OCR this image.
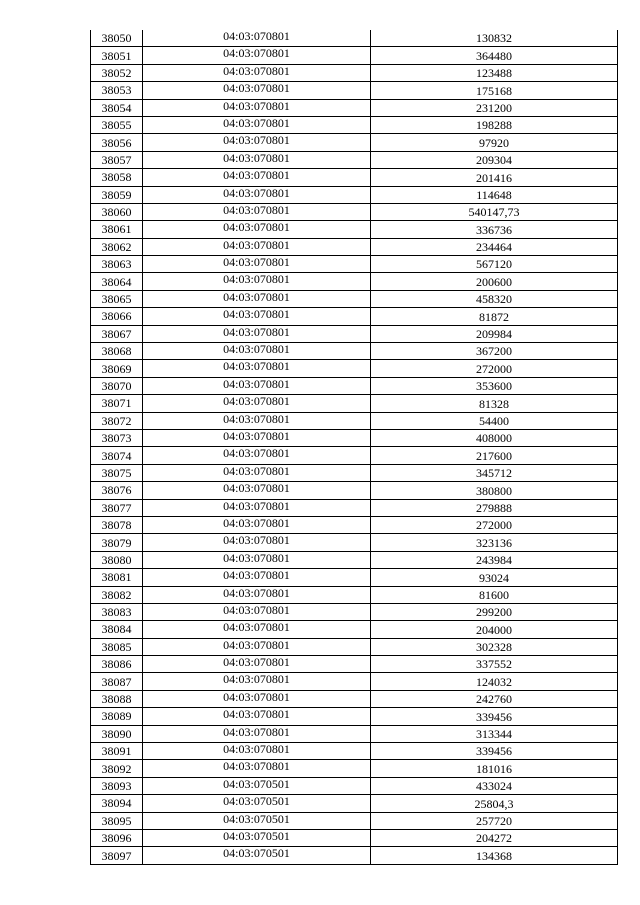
38050	04:03:070801	130832
38051	04:03:070801	364480
38052	04:03:070801	123488
38053	04:03:070801	175168
38054	04:03:070801	231200
38055	04:03:070801	198288
38056	04:03:070801	97920
38057	04:03:070801	209304
38058	04:03:070801	201416
38059	04:03:070801	114648
38060	04:03:070801	540147,73
38061	04:03:070801	336736
38062	04:03:070801	234464
38063	04:03:070801	567120
38064	04:03:070801	200600
38065	04:03:070801	458320
38066	04:03:070801	81872
38067	04:03:070801	209984
38068	04:03:070801	367200
38069	04:03:070801	272000
38070	04:03:070801	353600
38071	04:03:070801	81328
38072	04:03:070801	54400
38073	04:03:070801	408000
38074	04:03:070801	217600
38075	04:03:070801	345712
38076	04:03:070801	380800
38077	04:03:070801	279888
38078	04:03:070801	272000
38079	04:03:070801	323136
38080	04:03:070801	243984
38081	04:03:070801	93024
38082	04:03:070801	81600
38083	04:03:070801	299200
38084	04:03:070801	204000
38085	04:03:070801	302328
38086	04:03:070801	337552
38087	04:03:070801	124032
38088	04:03:070801	242760
38089	04:03:070801	339456
38090	04:03:070801	313344
38091	04:03:070801	339456
38092	04:03:070801	181016
38093	04:03:070501	433024
38094	04:03:070501	25804,3
38095	04:03:070501	257720
38096	04:03:070501	204272
38097	04:03:070501	134368
